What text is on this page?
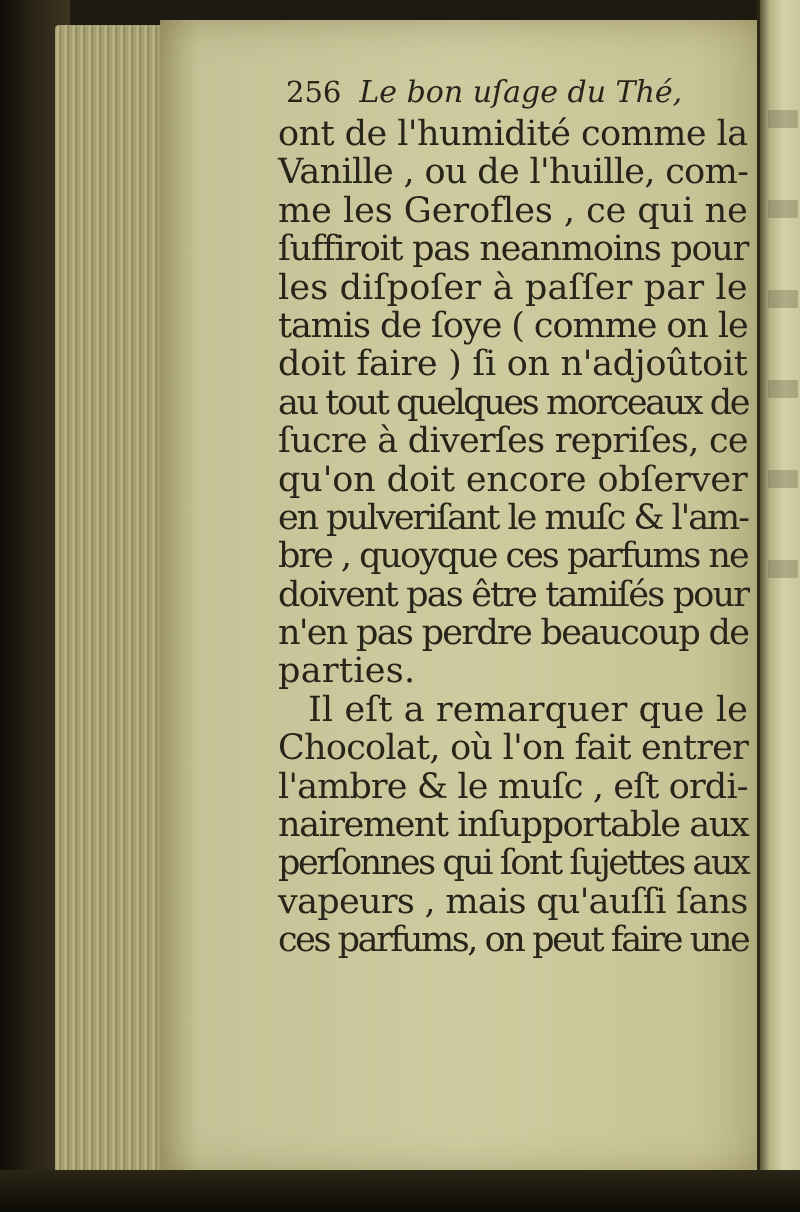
256 Le bon uſage du Thé,
ont de l'humidité comme la
Vanille , ou de l'huille, com-
me les Gerofles , ce qui ne
ſuffiroit pas neanmoins pour
les diſpoſer à paſſer par le
tamis de ſoye ( comme on le
doit faire ) ſi on n'adjoûtoit
au tout quelques morceaux de
ſucre à diverſes repriſes, ce
qu'on doit encore obſerver
en pulveriſant le muſc & l'am-
bre , quoyque ces parfums ne
doivent pas être tamiſés pour
n'en pas perdre beaucoup de
parties.
Il eſt a remarquer que le
Chocolat, où l'on fait entrer
l'ambre & le muſc , eſt ordi-
nairement inſupportable aux
perſonnes qui ſont ſujettes aux
vapeurs , mais qu'auſſi ſans
ces parfums, on peut faire une
